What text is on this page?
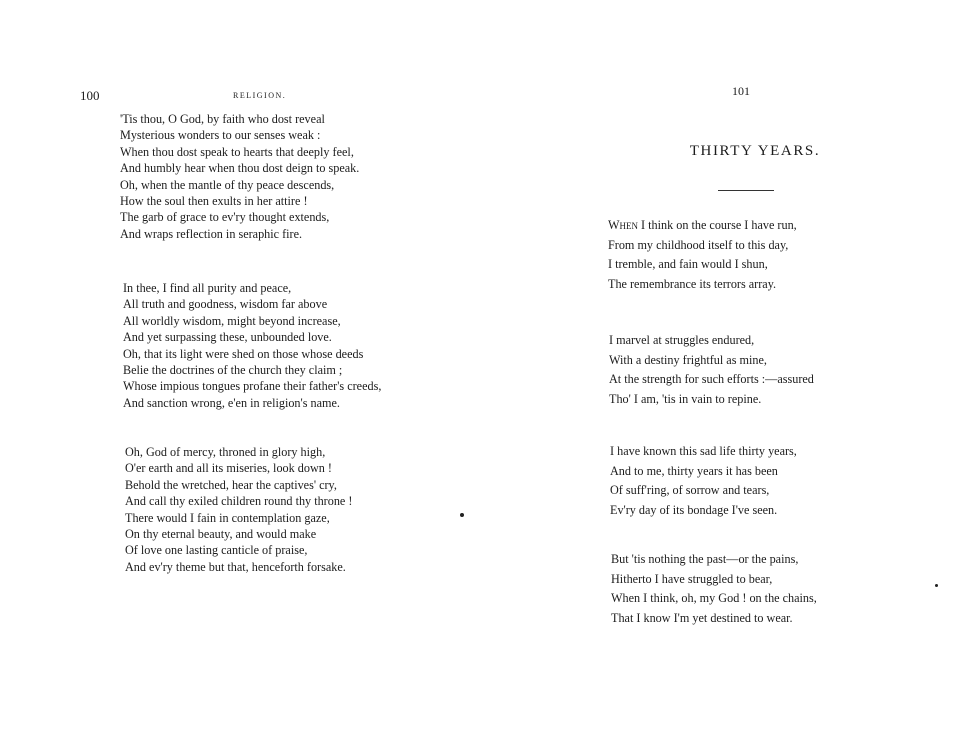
100	RELIGION.
'Tis thou, O God, by faith who dost reveal
Mysterious wonders to our senses weak :
When thou dost speak to hearts that deeply feel,
And humbly hear when thou dost deign to speak.
Oh, when the mantle of thy peace descends,
How the soul then exults in her attire !
The garb of grace to ev'ry thought extends,
And wraps reflection in seraphic fire.
In thee, I find all purity and peace,
All truth and goodness, wisdom far above
All worldly wisdom, might beyond increase,
And yet surpassing these, unbounded love.
Oh, that its light were shed on those whose deeds
Belie the doctrines of the church they claim ;
Whose impious tongues profane their father's creeds,
And sanction wrong, e'en in religion's name.
Oh, God of mercy, throned in glory high,
O'er earth and all its miseries, look down !
Behold the wretched, hear the captives' cry,
And call thy exiled children round thy throne !
There would I fain in contemplation gaze,
On thy eternal beauty, and would make
Of love one lasting canticle of praise,
And ev'ry theme but that, henceforth forsake.
101
THIRTY YEARS.
When I think on the course I have run,
From my childhood itself to this day,
I tremble, and fain would I shun,
The remembrance its terrors array.
I marvel at struggles endured,
With a destiny frightful as mine,
At the strength for such efforts :—assured
Tho' I am, 'tis in vain to repine.
I have known this sad life thirty years,
And to me, thirty years it has been
Of suff'ring, of sorrow and tears,
Ev'ry day of its bondage I've seen.
But 'tis nothing the past—or the pains,
Hitherto I have struggled to bear,
When I think, oh, my God ! on the chains,
That I know I'm yet destined to wear.
